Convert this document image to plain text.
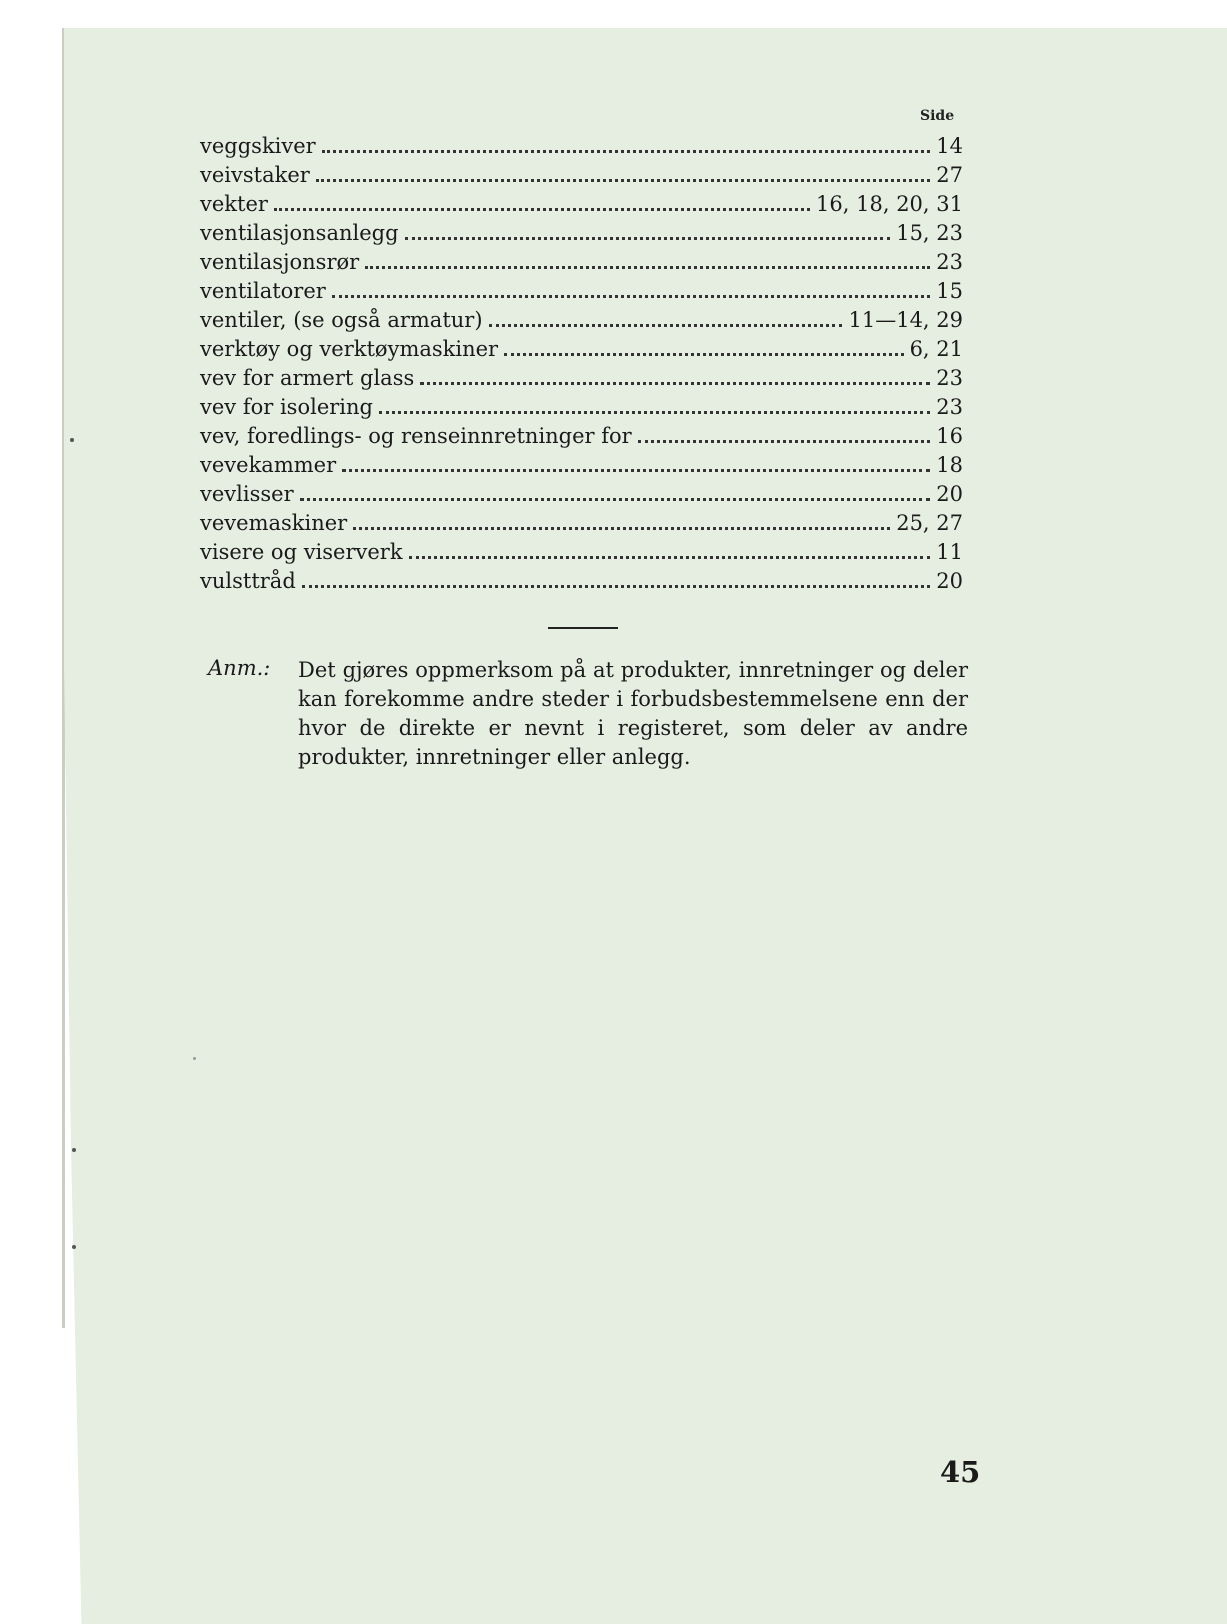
Side
veggskiver	14
veivstaker	27
vekter	16, 18, 20, 31
ventilasjonsanlegg	15, 23
ventilasjonsrør	23
ventilatorer	15
ventiler, (se også armatur)	11—14, 29
verktøy og verktøymaskiner	6, 21
vev for armert glass	23
vev for isolering	23
vev, foredlings- og renseinnretninger for	16
vevekammer	18
vevlisser	20
vevemaskiner	25, 27
visere og viserverk	11
vulsttråd	20
Anm.: Det gjøres oppmerksom på at produkter, innretninger og deler kan forekomme andre steder i forbudsbestemmelsene enn der hvor de direkte er nevnt i registeret, som deler av andre produkter, innretninger eller anlegg.
45
